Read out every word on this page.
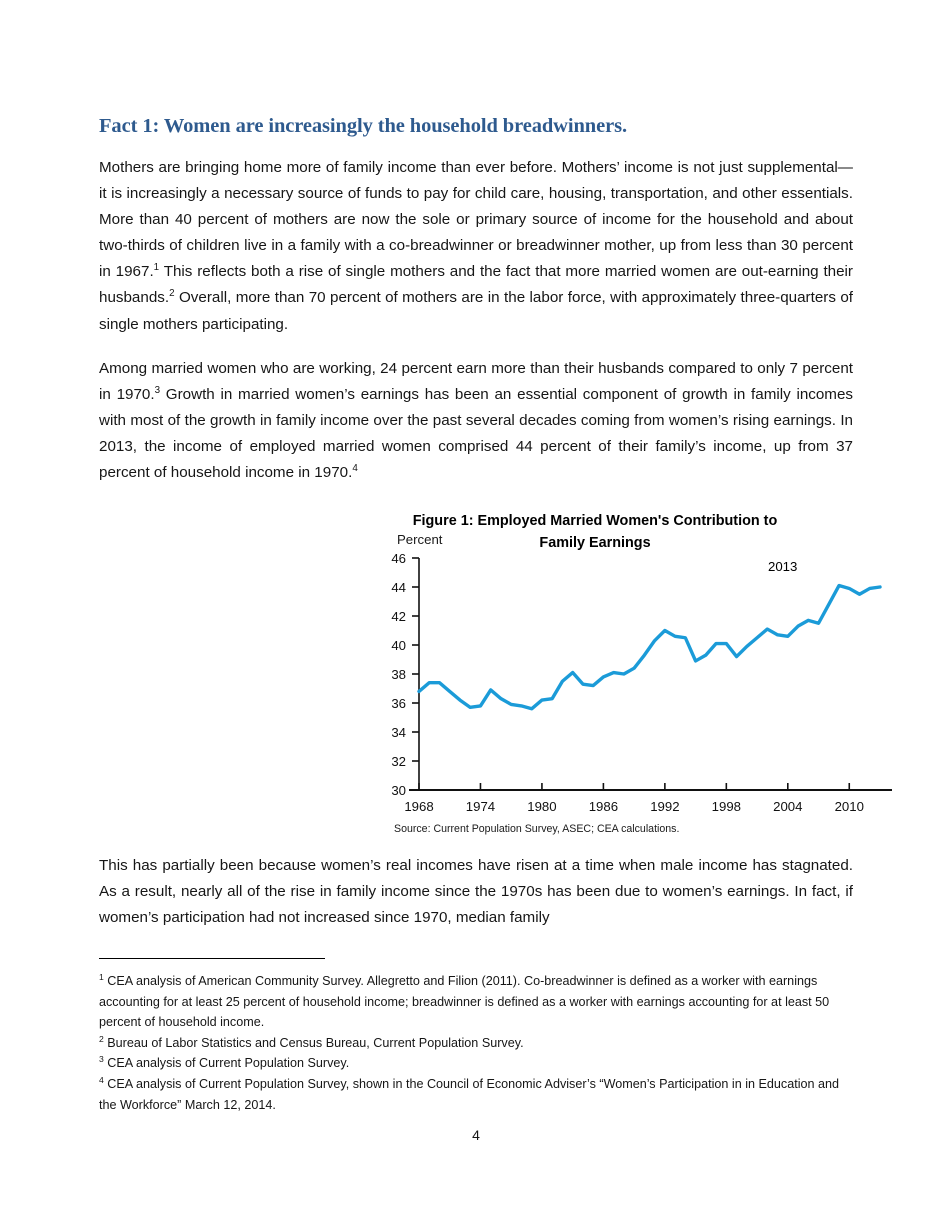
Fact 1: Women are increasingly the household breadwinners.
Mothers are bringing home more of family income than ever before. Mothers’ income is not just supplemental—it is increasingly a necessary source of funds to pay for child care, housing, transportation, and other essentials. More than 40 percent of mothers are now the sole or primary source of income for the household and about two-thirds of children live in a family with a co-breadwinner or breadwinner mother, up from less than 30 percent in 1967.$^1$ This reflects both a rise of single mothers and the fact that more married women are out-earning their husbands.$^2$ Overall, more than 70 percent of mothers are in the labor force, with approximately three-quarters of single mothers participating.
Among married women who are working, 24 percent earn more than their husbands compared to only 7 percent in 1970.$^3$ Growth in married women’s earnings has been an essential component of growth in family incomes with most of the growth in family income over the past several decades coming from women’s rising earnings. In 2013, the income of employed married women comprised 44 percent of their family’s income, up from 37 percent of household income in 1970.$^4$
Figure 1: Employed Married Women's Contribution to
Family Earnings
Percent
2013
30
32
34
36
38
40
42
44
46
1968 1974 1980 1986 1992 1998 2004 2010
Source: Current Population Survey, ASEC; CEA calculations.
This has partially been because women’s real incomes have risen at a time when male income has stagnated. As a result, nearly all of the rise in family income since the 1970s has been due to women’s earnings. In fact, if women’s participation had not increased since 1970, median family

$^1$ CEA analysis of American Community Survey. Allegretto and Filion (2011). Co-breadwinner is defined as a worker with earnings accounting for at least 25 percent of household income; breadwinner is defined as a worker with earnings accounting for at least 50 percent of household income.

$^2$ Bureau of Labor Statistics and Census Bureau, Current Population Survey.

$^3$ CEA analysis of Current Population Survey.

$^4$ CEA analysis of Current Population Survey, shown in the Council of Economic Adviser’s “Women’s Participation in in Education and the Workforce” March 12, 2014.

4
